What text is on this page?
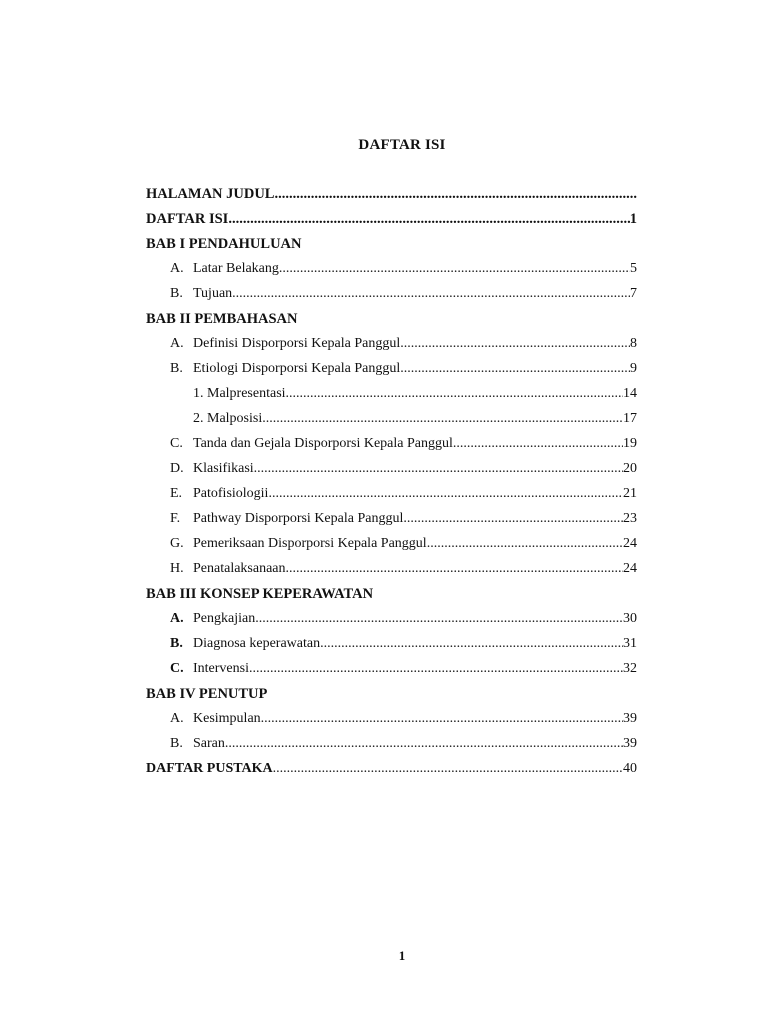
DAFTAR ISI
HALAMAN JUDUL
.....
DAFTAR ISI .....	1
BAB I PENDAHULUAN
A. Latar Belakang .....	5
B. Tujuan .....	7
BAB II PEMBAHASAN
A. Definisi Disporporsi Kepala Panggul .....	8
B. Etiologi Disporporsi Kepala Panggul .....	9
1. Malpresentasi .....	14
2. Malposisi .....	17
C. Tanda dan Gejala Disporporsi Kepala Panggul .....	19
D. Klasifikasi .....	20
E. Patofisiologii .....	21
F. Pathway Disporporsi Kepala Panggul .....	23
G. Pemeriksaan Disporporsi Kepala Panggul .....	24
H. Penatalaksanaan .....	24
BAB III KONSEP KEPERAWATAN
A. Pengkajian .....	30
B. Diagnosa keperawatan .....	31
C. Intervensi .....	32
BAB IV PENUTUP
A. Kesimpulan .....	39
B. Saran .....	39
DAFTAR PUSTAKA .....	40
1
